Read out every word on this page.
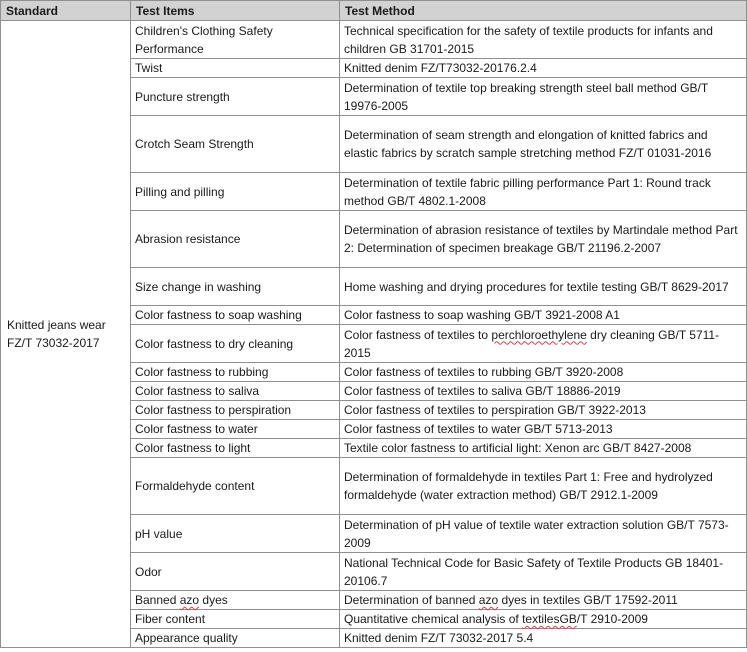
Standard	Test Items	Test Method
Knitted jeans wear
FZ/T 73032-2017	Children's Clothing Safety Performance	Technical specification for the safety of textile products for infants and children GB 31701-2015
	Twist	Knitted denim FZ/T73032-20176.2.4
	Puncture strength	Determination of textile top breaking strength steel ball method GB/T 19976-2005
	Crotch Seam Strength	Determination of seam strength and elongation of knitted fabrics and elastic fabrics by scratch sample stretching method FZ/T 01031-2016
	Pilling and pilling	Determination of textile fabric pilling performance Part 1: Round track method GB/T 4802.1-2008
	Abrasion resistance	Determination of abrasion resistance of textiles by Martindale method Part 2: Determination of specimen breakage GB/T 21196.2-2007
	Size change in washing	Home washing and drying procedures for textile testing GB/T 8629-2017
	Color fastness to soap washing	Color fastness to soap washing GB/T 3921-2008 A1
	Color fastness to dry cleaning	Color fastness of textiles to perchloroethylene dry cleaning GB/T 5711-2015
	Color fastness to rubbing	Color fastness of textiles to rubbing GB/T 3920-2008
	Color fastness to saliva	Color fastness of textiles to saliva GB/T 18886-2019
	Color fastness to perspiration	Color fastness of textiles to perspiration GB/T 3922-2013
	Color fastness to water	Color fastness of textiles to water GB/T 5713-2013
	Color fastness to light	Textile color fastness to artificial light: Xenon arc GB/T 8427-2008
	Formaldehyde content	Determination of formaldehyde in textiles Part 1: Free and hydrolyzed formaldehyde (water extraction method) GB/T 2912.1-2009
	pH value	Determination of pH value of textile water extraction solution GB/T 7573-2009
	Odor	National Technical Code for Basic Safety of Textile Products GB 18401-20106.7
	Banned azo dyes	Determination of banned azo dyes in textiles GB/T 17592-2011
	Fiber content	Quantitative chemical analysis of textilesGB/T 2910-2009
	Appearance quality	Knitted denim FZ/T 73032-2017 5.4
